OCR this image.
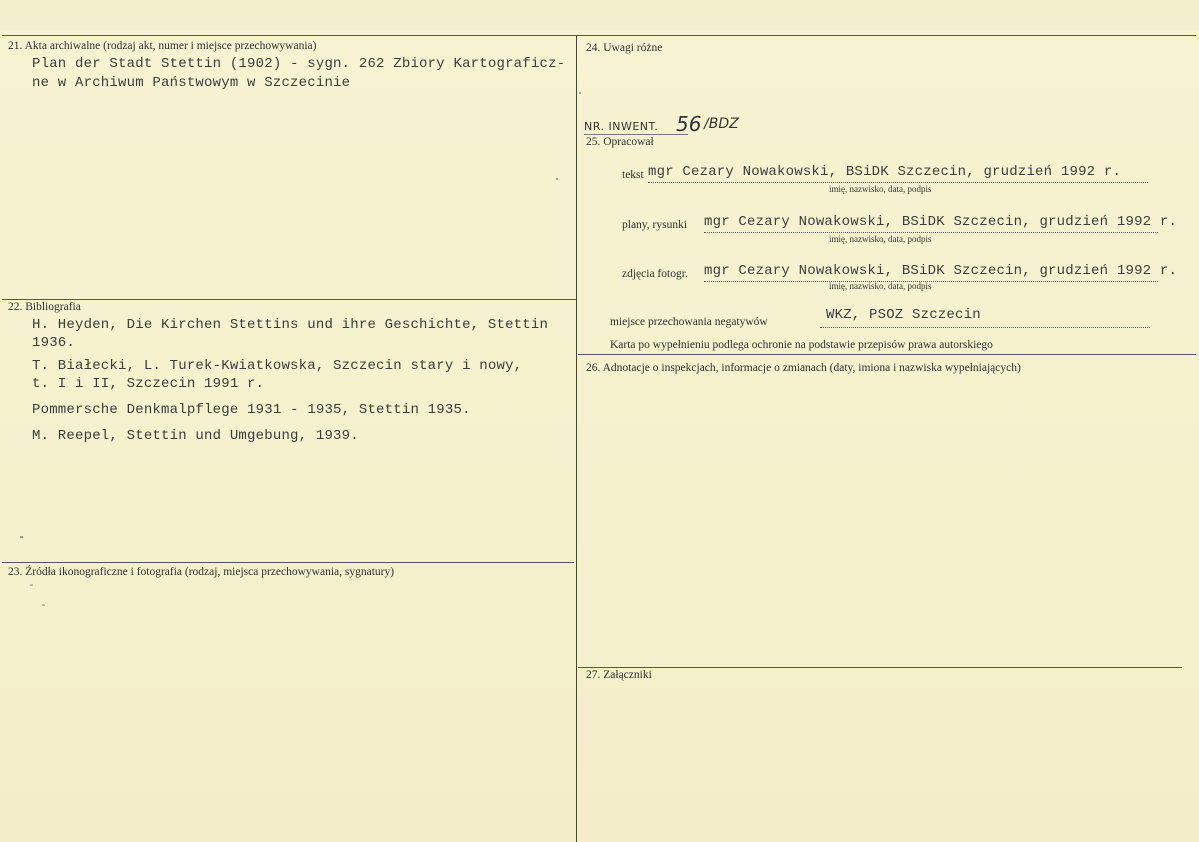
21. Akta archiwalne (rodzaj akt, numer i miejsce przechowywania)
Plan der Stadt Stettin (1902) - sygn. 262 Zbiory Kartograficz-
ne w Archiwum Państwowym w Szczecinie
22. Bibliografia
H. Heyden, Die Kirchen Stettins und ihre Geschichte, Stettin
1936.
T. Białecki, L. Turek-Kwiatkowska, Szczecin stary i nowy,
t. I i II, Szczecin 1991 r.
Pommersche Denkmalpflege 1931 - 1935, Stettin 1935.
M. Reepel, Stettin und Umgebung, 1939.
-
23. Źródła ikonograficzne i fotografia (rodzaj, miejsca przechowywania, sygnatury)
-
-
24. Uwagi różne
NR. INWENT. 56 /BDZ
25. Opracował
tekst mgr Cezary Nowakowski, BSiDK Szczecin, grudzień 1992 r.
imię, nazwisko, data, podpis
plany, rysunki mgr Cezary Nowakowski, BSiDK Szczecin, grudzień 1992 r.
imię, nazwisko, data, podpis
zdjęcia fotogr. mgr Cezary Nowakowski, BSiDK Szczecin, grudzień 1992 r.
imię, nazwisko, data, podpis
miejsce przechowania negatywów	WKZ, PSOZ Szczecin
Karta po wypełnieniu podlega ochronie na podstawie przepisów prawa autorskiego
26. Adnotacje o inspekcjach, informacje o zmianach (daty, imiona i nazwiska wypełniających)
27. Załączniki
